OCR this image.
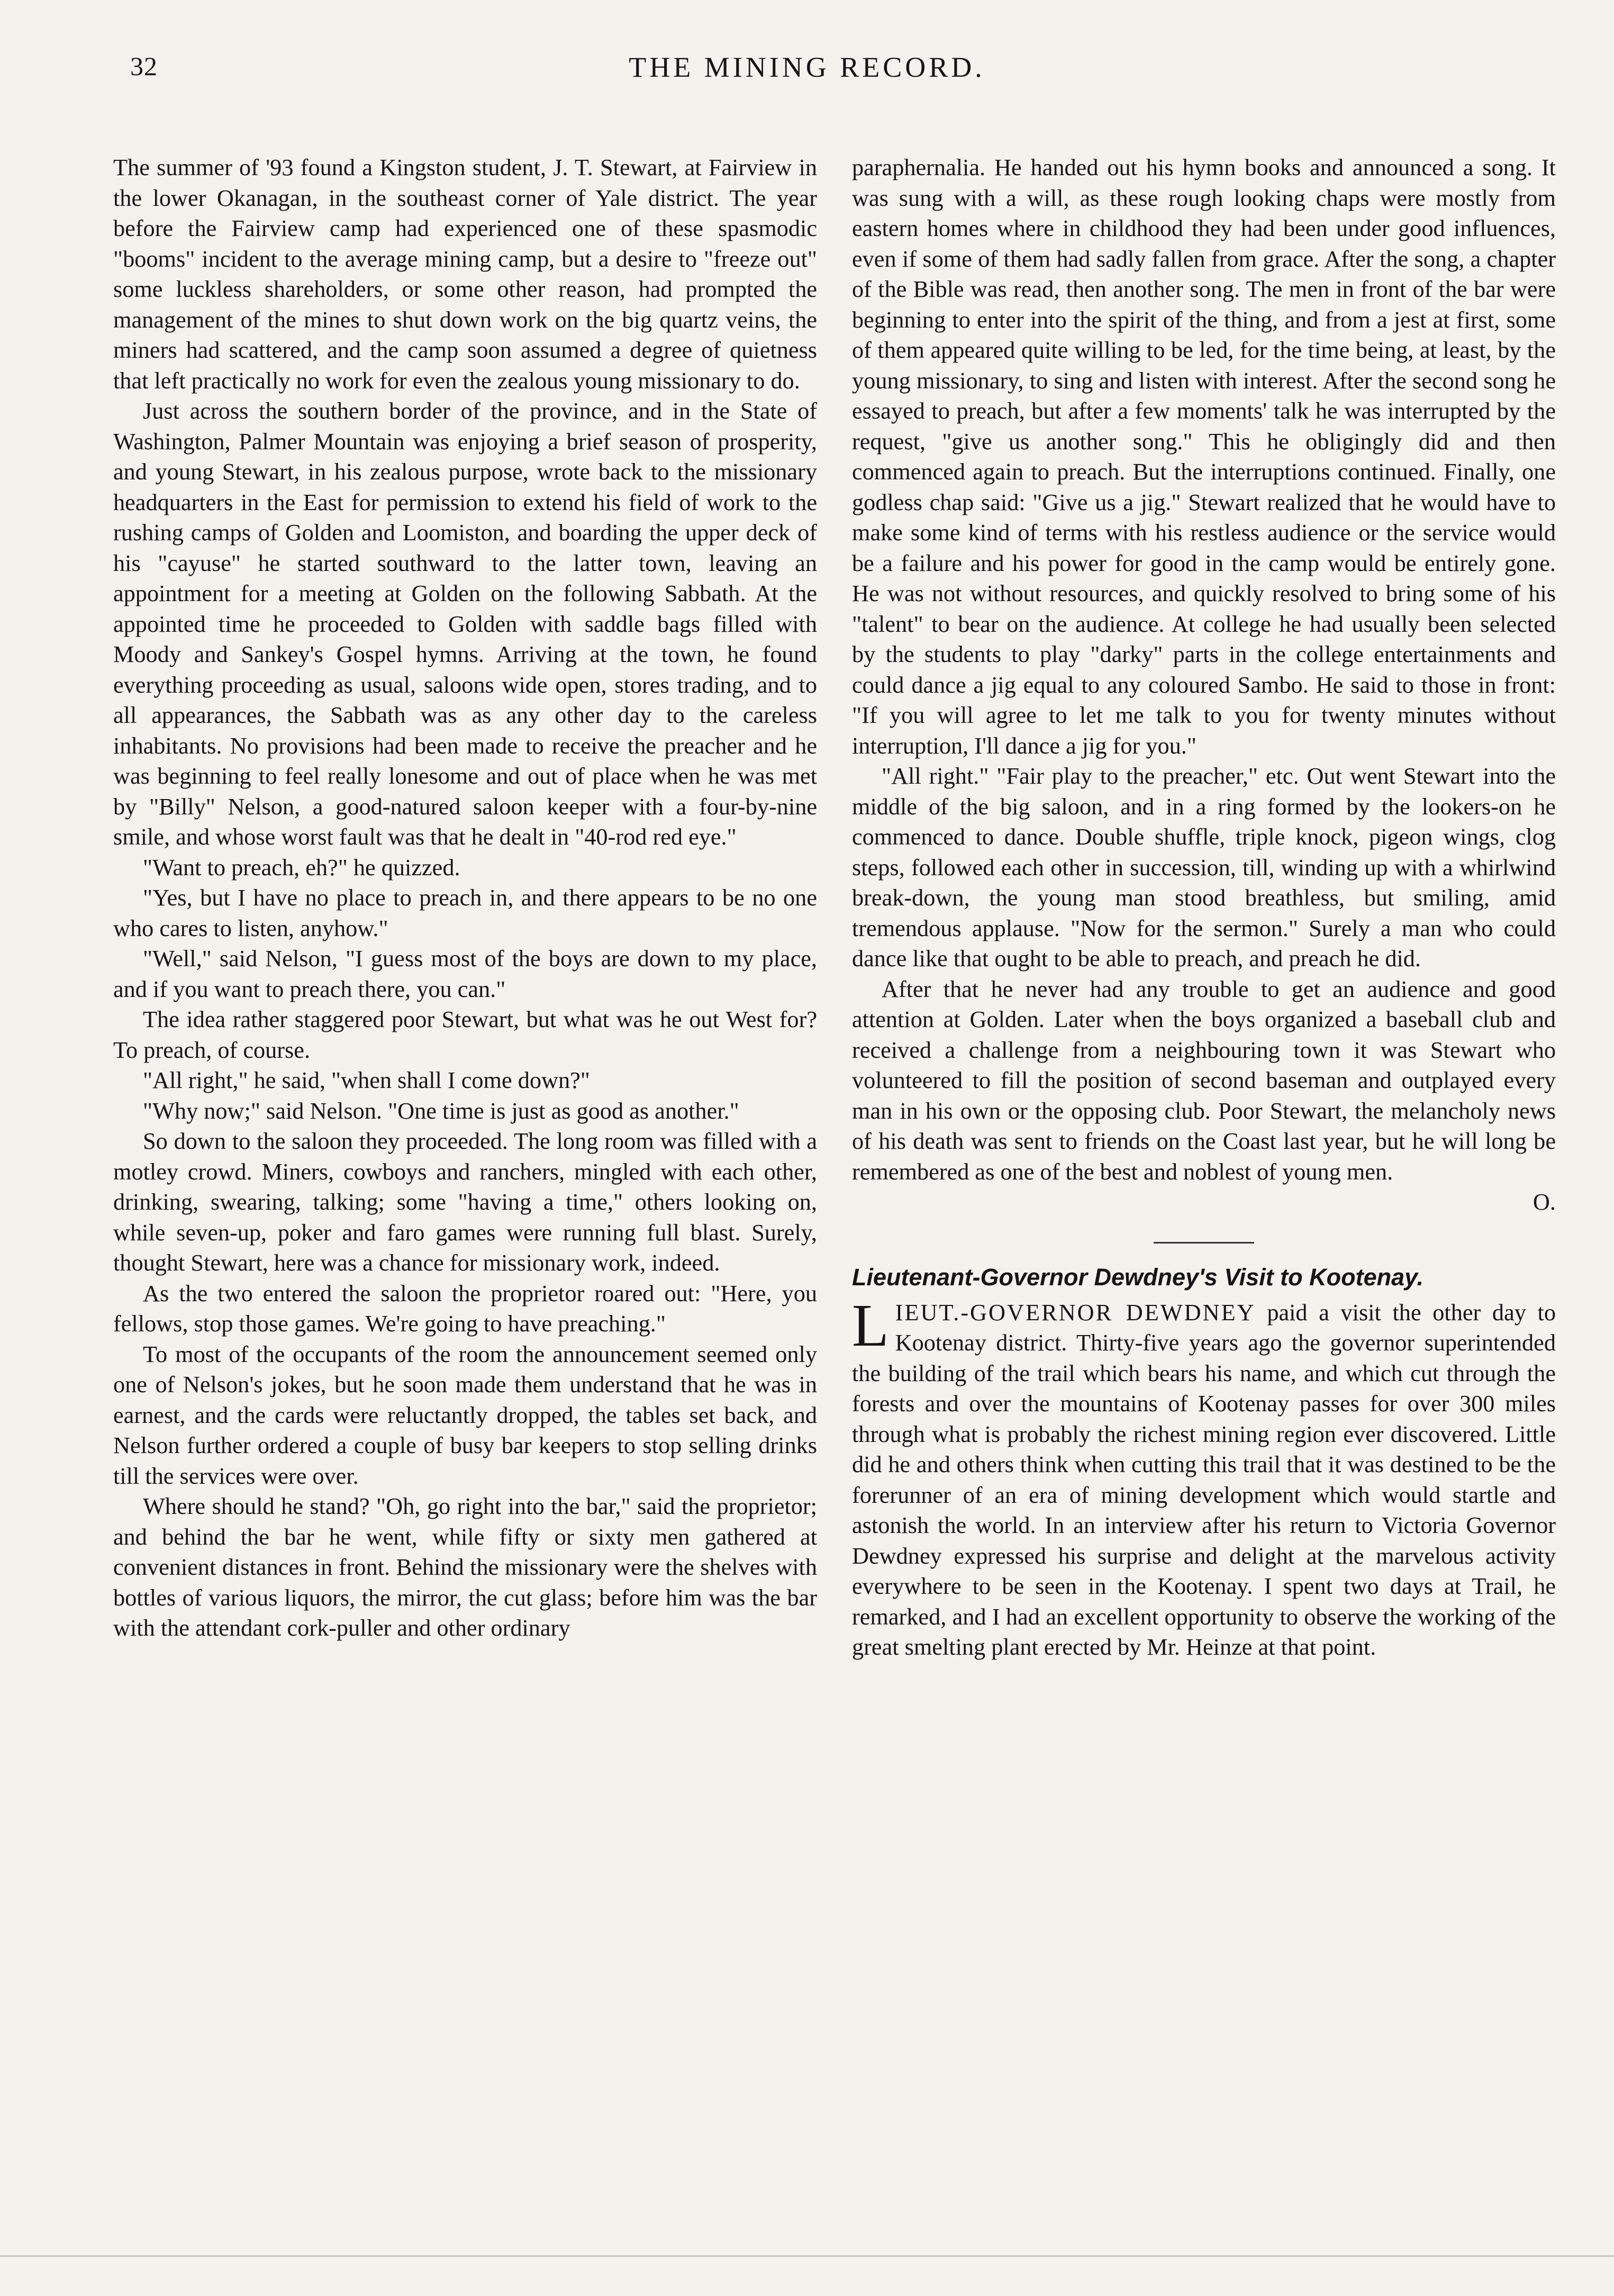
32	THE MINING RECORD.

The summer of '93 found a Kingston student, J. T. Stewart, at Fairview in the lower Okanagan, in the southeast corner of Yale district. The year before the Fairview camp had experienced one of these spasmodic "booms" incident to the average mining camp, but a desire to "freeze out" some luckless shareholders, or some other reason, had prompted the management of the mines to shut down work on the big quartz veins, the miners had scattered, and the camp soon assumed a degree of quietness that left practically no work for even the zealous young missionary to do.

Just across the southern border of the province, and in the State of Washington, Palmer Mountain was enjoying a brief season of prosperity, and young Stewart, in his zealous purpose, wrote back to the missionary headquarters in the East for permission to extend his field of work to the rushing camps of Golden and Loomiston, and boarding the upper deck of his "cayuse" he started southward to the latter town, leaving an appointment for a meeting at Golden on the following Sabbath. At the appointed time he proceeded to Golden with saddle bags filled with Moody and Sankey's Gospel hymns. Arriving at the town, he found everything proceeding as usual, saloons wide open, stores trading, and to all appearances, the Sabbath was as any other day to the careless inhabitants. No provisions had been made to receive the preacher and he was beginning to feel really lonesome and out of place when he was met by "Billy" Nelson, a good-natured saloon keeper with a four-by-nine smile, and whose worst fault was that he dealt in "40-rod red eye."

"Want to preach, eh?" he quizzed.

"Yes, but I have no place to preach in, and there appears to be no one who cares to listen, anyhow."

"Well," said Nelson, "I guess most of the boys are down to my place, and if you want to preach there, you can."

The idea rather staggered poor Stewart, but what was he out West for? To preach, of course.

"All right," he said, "when shall I come down?"

"Why now;" said Nelson. "One time is just as good as another."

So down to the saloon they proceeded. The long room was filled with a motley crowd. Miners, cowboys and ranchers, mingled with each other, drinking, swearing, talking; some "having a time," others looking on, while seven-up, poker and faro games were running full blast. Surely, thought Stewart, here was a chance for missionary work, indeed.

As the two entered the saloon the proprietor roared out: "Here, you fellows, stop those games. We're going to have preaching."

To most of the occupants of the room the announcement seemed only one of Nelson's jokes, but he soon made them understand that he was in earnest, and the cards were reluctantly dropped, the tables set back, and Nelson further ordered a couple of busy bar keepers to stop selling drinks till the services were over.

Where should he stand? "Oh, go right into the bar," said the proprietor; and behind the bar he went, while fifty or sixty men gathered at convenient distances in front. Behind the missionary were the shelves with bottles of various liquors, the mirror, the cut glass; before him was the bar with the attendant cork-puller and other ordinary

paraphernalia. He handed out his hymn books and announced a song. It was sung with a will, as these rough looking chaps were mostly from eastern homes where in childhood they had been under good influences, even if some of them had sadly fallen from grace. After the song, a chapter of the Bible was read, then another song. The men in front of the bar were beginning to enter into the spirit of the thing, and from a jest at first, some of them appeared quite willing to be led, for the time being, at least, by the young missionary, to sing and listen with interest. After the second song he essayed to preach, but after a few moments' talk he was interrupted by the request, "give us another song." This he obligingly did and then commenced again to preach. But the interruptions continued. Finally, one godless chap said: "Give us a jig." Stewart realized that he would have to make some kind of terms with his restless audience or the service would be a failure and his power for good in the camp would be entirely gone. He was not without resources, and quickly resolved to bring some of his "talent" to bear on the audience. At college he had usually been selected by the students to play "darky" parts in the college entertainments and could dance a jig equal to any coloured Sambo. He said to those in front: "If you will agree to let me talk to you for twenty minutes without interruption, I'll dance a jig for you."

"All right." "Fair play to the preacher," etc. Out went Stewart into the middle of the big saloon, and in a ring formed by the lookers-on he commenced to dance. Double shuffle, triple knock, pigeon wings, clog steps, followed each other in succession, till, winding up with a whirlwind break-down, the young man stood breathless, but smiling, amid tremendous applause. "Now for the sermon." Surely a man who could dance like that ought to be able to preach, and preach he did.

After that he never had any trouble to get an audience and good attention at Golden. Later when the boys organized a baseball club and received a challenge from a neighbouring town it was Stewart who volunteered to fill the position of second baseman and outplayed every man in his own or the opposing club. Poor Stewart, the melancholy news of his death was sent to friends on the Coast last year, but he will long be remembered as one of the best and noblest of young men.

O.

Lieutenant-Governor Dewdney's Visit to Kootenay.

LIEUT.-GOVERNOR DEWDNEY paid a visit the other day to Kootenay district. Thirty-five years ago the governor superintended the building of the trail which bears his name, and which cut through the forests and over the mountains of Kootenay passes for over 300 miles through what is probably the richest mining region ever discovered. Little did he and others think when cutting this trail that it was destined to be the forerunner of an era of mining development which would startle and astonish the world. In an interview after his return to Victoria Governor Dewdney expressed his surprise and delight at the marvelous activity everywhere to be seen in the Kootenay. I spent two days at Trail, he remarked, and I had an excellent opportunity to observe the working of the great smelting plant erected by Mr. Heinze at that point.
